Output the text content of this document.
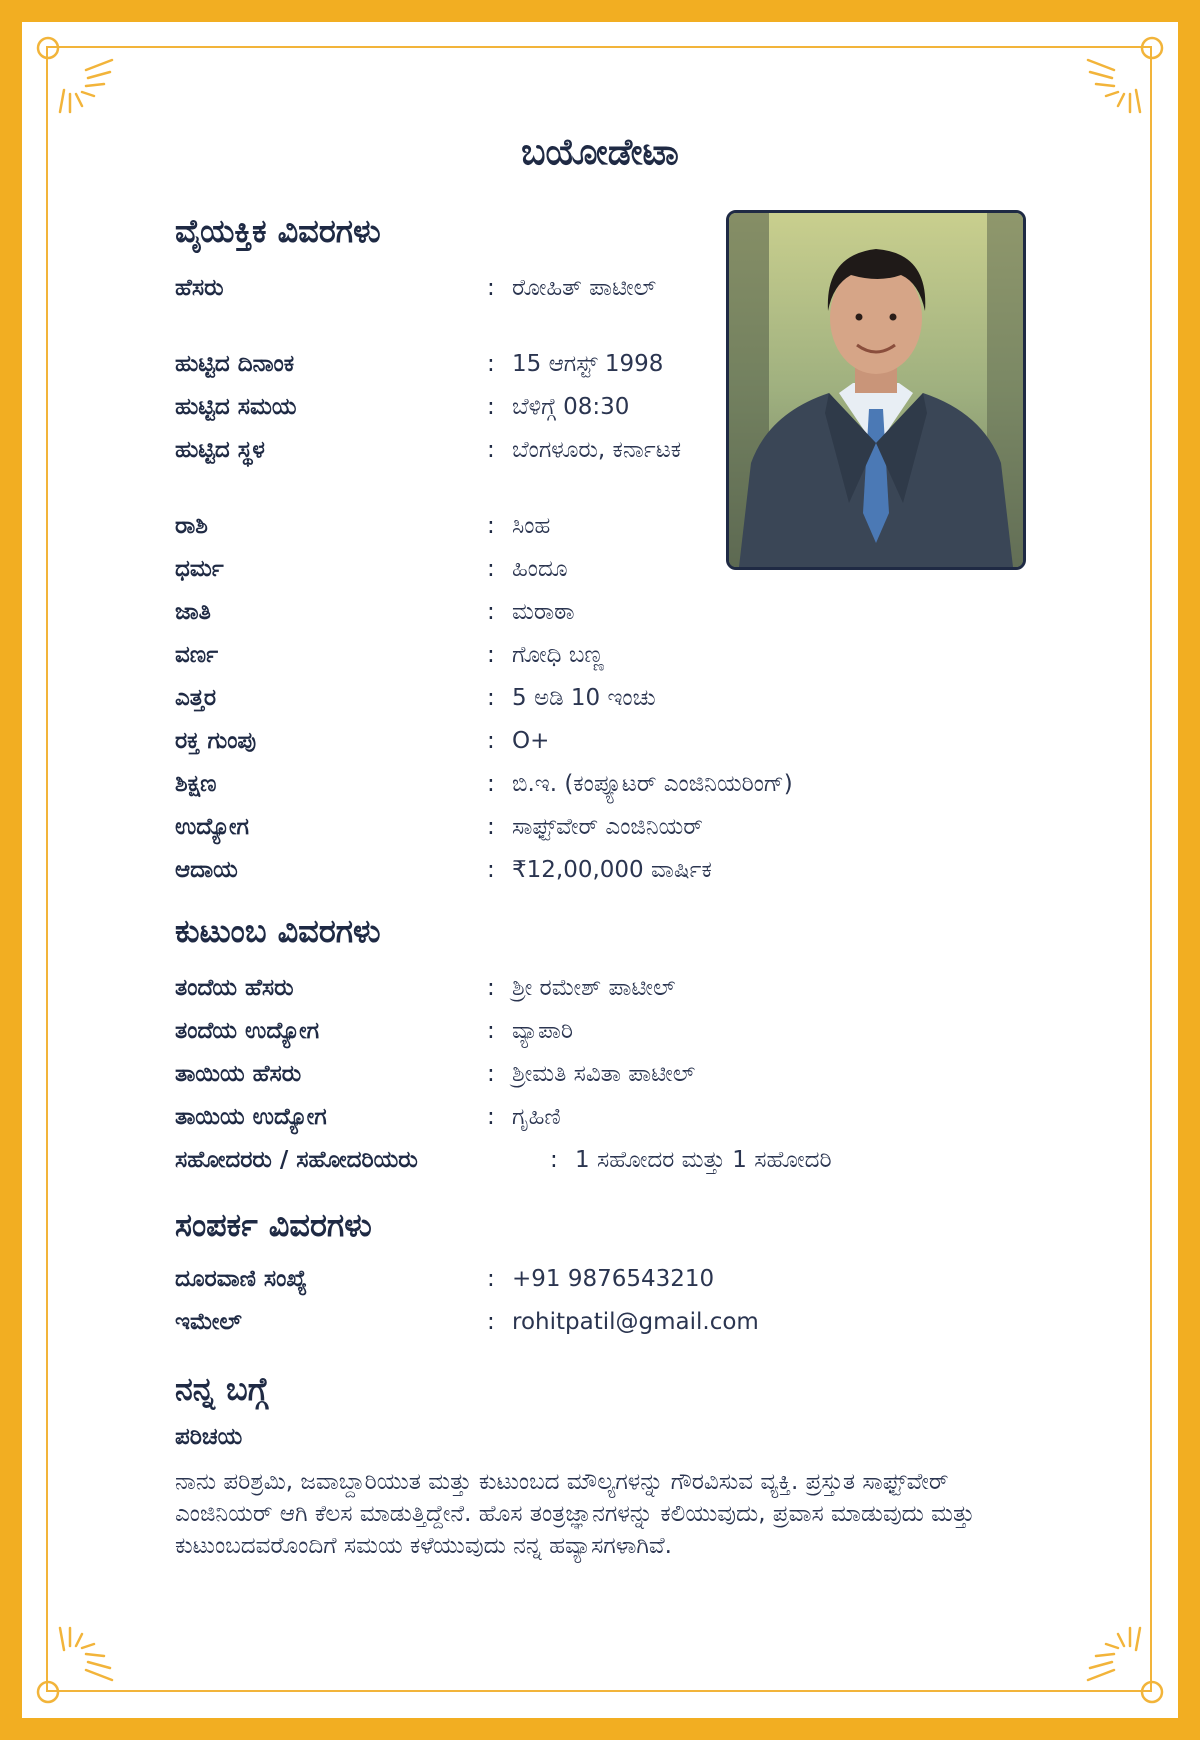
ಬಯೋಡೇಟಾ
ವೈಯಕ್ತಿಕ ವಿವರಗಳು
ಹೆಸರು	: ರೋಹಿತ್ ಪಾಟೀಲ್
ಹುಟ್ಟಿದ ದಿನಾಂಕ	: 15 ಆಗಸ್ಟ್ 1998
ಹುಟ್ಟಿದ ಸಮಯ	: ಬೆಳಿಗ್ಗೆ 08:30
ಹುಟ್ಟಿದ ಸ್ಥಳ	: ಬೆಂಗಳೂರು, ಕರ್ನಾಟಕ
ರಾಶಿ	: ಸಿಂಹ
ಧರ್ಮ	: ಹಿಂದೂ
ಜಾತಿ	: ಮರಾಠಾ
ವರ್ಣ	: ಗೋಧಿ ಬಣ್ಣ
ಎತ್ತರ	: 5 ಅಡಿ 10 ಇಂಚು
ರಕ್ತ ಗುಂಪು	: O+
ಶಿಕ್ಷಣ	: ಬಿ.ಇ. (ಕಂಪ್ಯೂಟರ್ ಎಂಜಿನಿಯರಿಂಗ್)
ಉದ್ಯೋಗ	: ಸಾಫ್ಟ್‌ವೇರ್ ಎಂಜಿನಿಯರ್
ಆದಾಯ	: ₹12,00,000 ವಾರ್ಷಿಕ
ಕುಟುಂಬ ವಿವರಗಳು
ತಂದೆಯ ಹೆಸರು	: ಶ್ರೀ ರಮೇಶ್ ಪಾಟೀಲ್
ತಂದೆಯ ಉದ್ಯೋಗ	: ವ್ಯಾಪಾರಿ
ತಾಯಿಯ ಹೆಸರು	: ಶ್ರೀಮತಿ ಸವಿತಾ ಪಾಟೀಲ್
ತಾಯಿಯ ಉದ್ಯೋಗ	: ಗೃಹಿಣಿ
ಸಹೋದರರು / ಸಹೋದರಿಯರು	: 1 ಸಹೋದರ ಮತ್ತು 1 ಸಹೋದರಿ
ಸಂಪರ್ಕ ವಿವರಗಳು
ದೂರವಾಣಿ ಸಂಖ್ಯೆ	: +91 9876543210
ಇಮೇಲ್	: rohitpatil@gmail.com
ನನ್ನ ಬಗ್ಗೆ
ಪರಿಚಯ

ನಾನು ಪರಿಶ್ರಮಿ, ಜವಾಬ್ದಾರಿಯುತ ಮತ್ತು ಕುಟುಂಬದ ಮೌಲ್ಯಗಳನ್ನು ಗೌರವಿಸುವ ವ್ಯಕ್ತಿ. ಪ್ರಸ್ತುತ ಸಾಫ್ಟ್‌ವೇರ್ ಎಂಜಿನಿಯರ್ ಆಗಿ ಕೆಲಸ ಮಾಡುತ್ತಿದ್ದೇನೆ. ಹೊಸ ತಂತ್ರಜ್ಞಾನಗಳನ್ನು ಕಲಿಯುವುದು, ಪ್ರವಾಸ ಮಾಡುವುದು ಮತ್ತು ಕುಟುಂಬದವರೊಂದಿಗೆ ಸಮಯ ಕಳೆಯುವುದು ನನ್ನ ಹವ್ಯಾಸಗಳಾಗಿವೆ.
